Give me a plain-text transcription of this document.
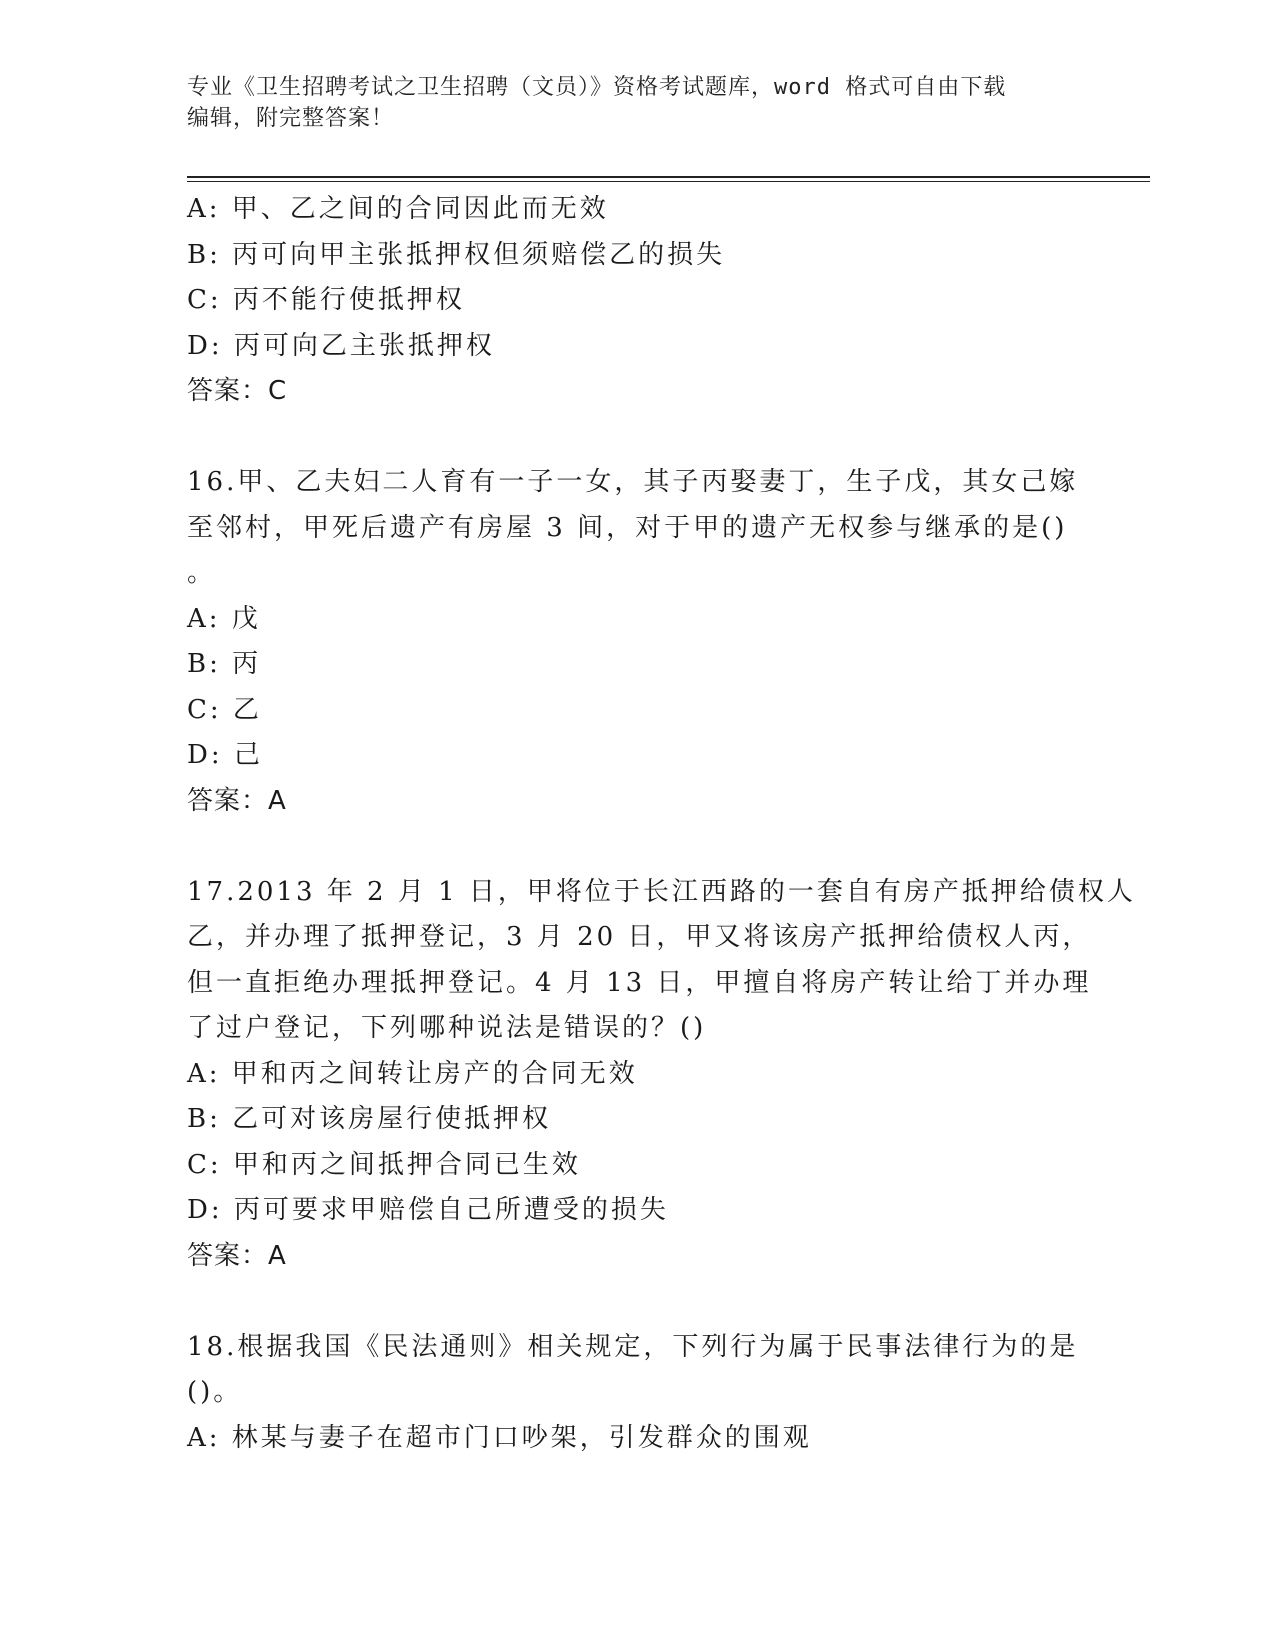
专业《卫生招聘考试之卫生招聘（文员）》资格考试题库，word 格式可自由下载
编辑，附完整答案！
A: 甲、乙之间的合同因此而无效
B: 丙可向甲主张抵押权但须赔偿乙的损失
C: 丙不能行使抵押权
D: 丙可向乙主张抵押权
答案：C
16.甲、乙夫妇二人育有一子一女，其子丙娶妻丁，生子戊，其女己嫁
至邻村，甲死后遗产有房屋 3 间，对于甲的遗产无权参与继承的是()
。
A: 戊
B: 丙
C: 乙
D: 己
答案：A
17.2013 年 2 月 1 日，甲将位于长江西路的一套自有房产抵押给债权人
乙，并办理了抵押登记，3 月 20 日，甲又将该房产抵押给债权人丙，
但一直拒绝办理抵押登记。4 月 13 日，甲擅自将房产转让给丁并办理
了过户登记，下列哪种说法是错误的？()
A: 甲和丙之间转让房产的合同无效
B: 乙可对该房屋行使抵押权
C: 甲和丙之间抵押合同已生效
D: 丙可要求甲赔偿自己所遭受的损失
答案：A
18.根据我国《民法通则》相关规定，下列行为属于民事法律行为的是
()。
A: 林某与妻子在超市门口吵架，引发群众的围观
